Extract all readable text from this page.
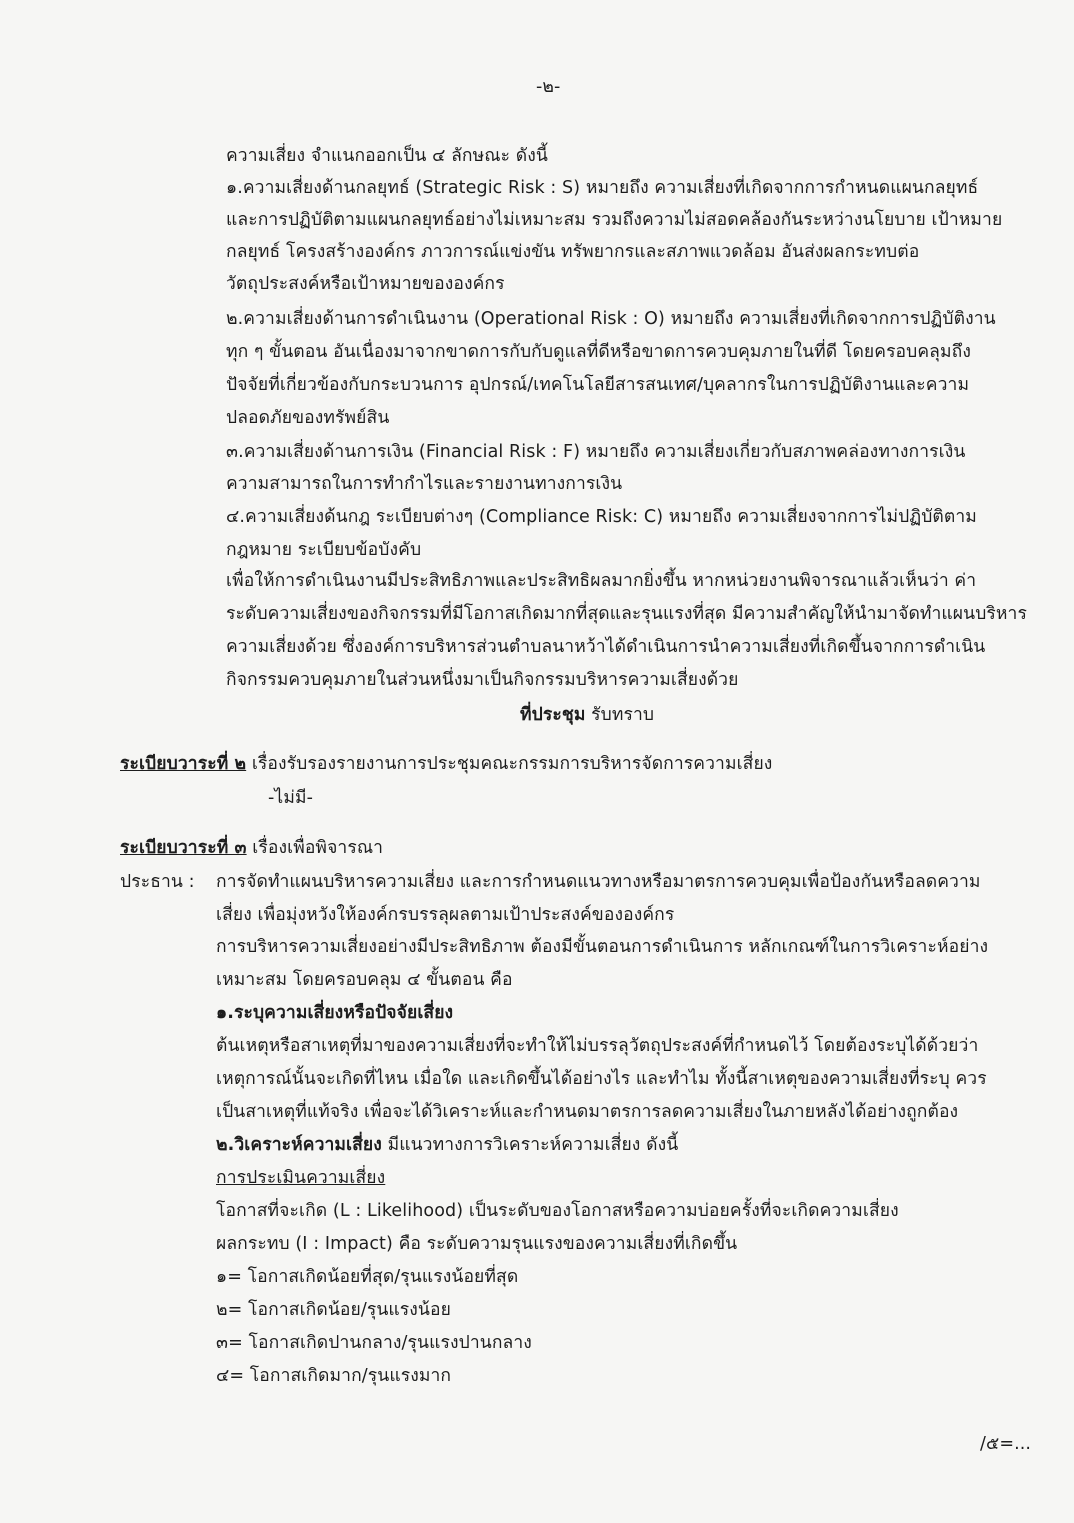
-๒-
ความเสี่ยง จำแนกออกเป็น ๔ ลักษณะ ดังนี้
๑.ความเสี่ยงด้านกลยุทธ์ (Strategic Risk : S) หมายถึง ความเสี่ยงที่เกิดจากการกำหนดแผนกลยุทธ์
และการปฏิบัติตามแผนกลยุทธ์อย่างไม่เหมาะสม รวมถึงความไม่สอดคล้องกันระหว่างนโยบาย เป้าหมาย
กลยุทธ์ โครงสร้างองค์กร ภาวการณ์แข่งขัน ทรัพยากรและสภาพแวดล้อม อันส่งผลกระทบต่อ
วัตถุประสงค์หรือเป้าหมายขององค์กร
๒.ความเสี่ยงด้านการดำเนินงาน (Operational Risk : O) หมายถึง ความเสี่ยงที่เกิดจากการปฏิบัติงาน
ทุก ๆ ขั้นตอน อันเนื่องมาจากขาดการกับกับดูแลที่ดีหรือขาดการควบคุมภายในที่ดี โดยครอบคลุมถึง
ปัจจัยที่เกี่ยวข้องกับกระบวนการ อุปกรณ์/เทคโนโลยีสารสนเทศ/บุคลากรในการปฏิบัติงานและความ
ปลอดภัยของทรัพย์สิน
๓.ความเสี่ยงด้านการเงิน (Financial Risk : F) หมายถึง ความเสี่ยงเกี่ยวกับสภาพคล่องทางการเงิน
ความสามารถในการทำกำไรและรายงานทางการเงิน
๔.ความเสี่ยงด้นกฎ ระเบียบต่างๆ (Compliance Risk: C) หมายถึง ความเสี่ยงจากการไม่ปฏิบัติตาม
กฎหมาย ระเบียบข้อบังคับ
เพื่อให้การดำเนินงานมีประสิทธิภาพและประสิทธิผลมากยิ่งขึ้น หากหน่วยงานพิจารณาแล้วเห็นว่า ค่า
ระดับความเสี่ยงของกิจกรรมที่มีโอกาสเกิดมากที่สุดและรุนแรงที่สุด มีความสำคัญให้นำมาจัดทำแผนบริหาร
ความเสี่ยงด้วย ซึ่งองค์การบริหารส่วนตำบลนาหว้าได้ดำเนินการนำความเสี่ยงที่เกิดขึ้นจากการดำเนิน
กิจกรรมควบคุมภายในส่วนหนึ่งมาเป็นกิจกรรมบริหารความเสี่ยงด้วย
ที่ประชุม รับทราบ
ระเบียบวาระที่ ๒ เรื่องรับรองรายงานการประชุมคณะกรรมการบริหารจัดการความเสี่ยง
-ไม่มี-
ระเบียบวาระที่ ๓ เรื่องเพื่อพิจารณา
ประธาน : การจัดทำแผนบริหารความเสี่ยง และการกำหนดแนวทางหรือมาตรการควบคุมเพื่อป้องกันหรือลดความ
เสี่ยง เพื่อมุ่งหวังให้องค์กรบรรลุผลตามเป้าประสงค์ขององค์กร
การบริหารความเสี่ยงอย่างมีประสิทธิภาพ ต้องมีขั้นตอนการดำเนินการ หลักเกณฑ์ในการวิเคราะห์อย่าง
เหมาะสม โดยครอบคลุม ๔ ขั้นตอน คือ
๑.ระบุความเสี่ยงหรือปัจจัยเสี่ยง
ต้นเหตุหรือสาเหตุที่มาของความเสี่ยงที่จะทำให้ไม่บรรลุวัตถุประสงค์ที่กำหนดไว้ โดยต้องระบุได้ด้วยว่า
เหตุการณ์นั้นจะเกิดที่ไหน เมื่อใด และเกิดขึ้นได้อย่างไร และทำไม ทั้งนี้สาเหตุของความเสี่ยงที่ระบุ ควร
เป็นสาเหตุที่แท้จริง เพื่อจะได้วิเคราะห์และกำหนดมาตรการลดความเสี่ยงในภายหลังได้อย่างถูกต้อง
๒.วิเคราะห์ความเสี่ยง มีแนวทางการวิเคราะห์ความเสี่ยง ดังนี้
การประเมินความเสี่ยง
โอกาสที่จะเกิด (L : Likelihood) เป็นระดับของโอกาสหรือความบ่อยครั้งที่จะเกิดความเสี่ยง
ผลกระทบ (I : Impact) คือ ระดับความรุนแรงของความเสี่ยงที่เกิดขึ้น
๑= โอกาสเกิดน้อยที่สุด/รุนแรงน้อยที่สุด
๒= โอกาสเกิดน้อย/รุนแรงน้อย
๓= โอกาสเกิดปานกลาง/รุนแรงปานกลาง
๔= โอกาสเกิดมาก/รุนแรงมาก
/๕=...
